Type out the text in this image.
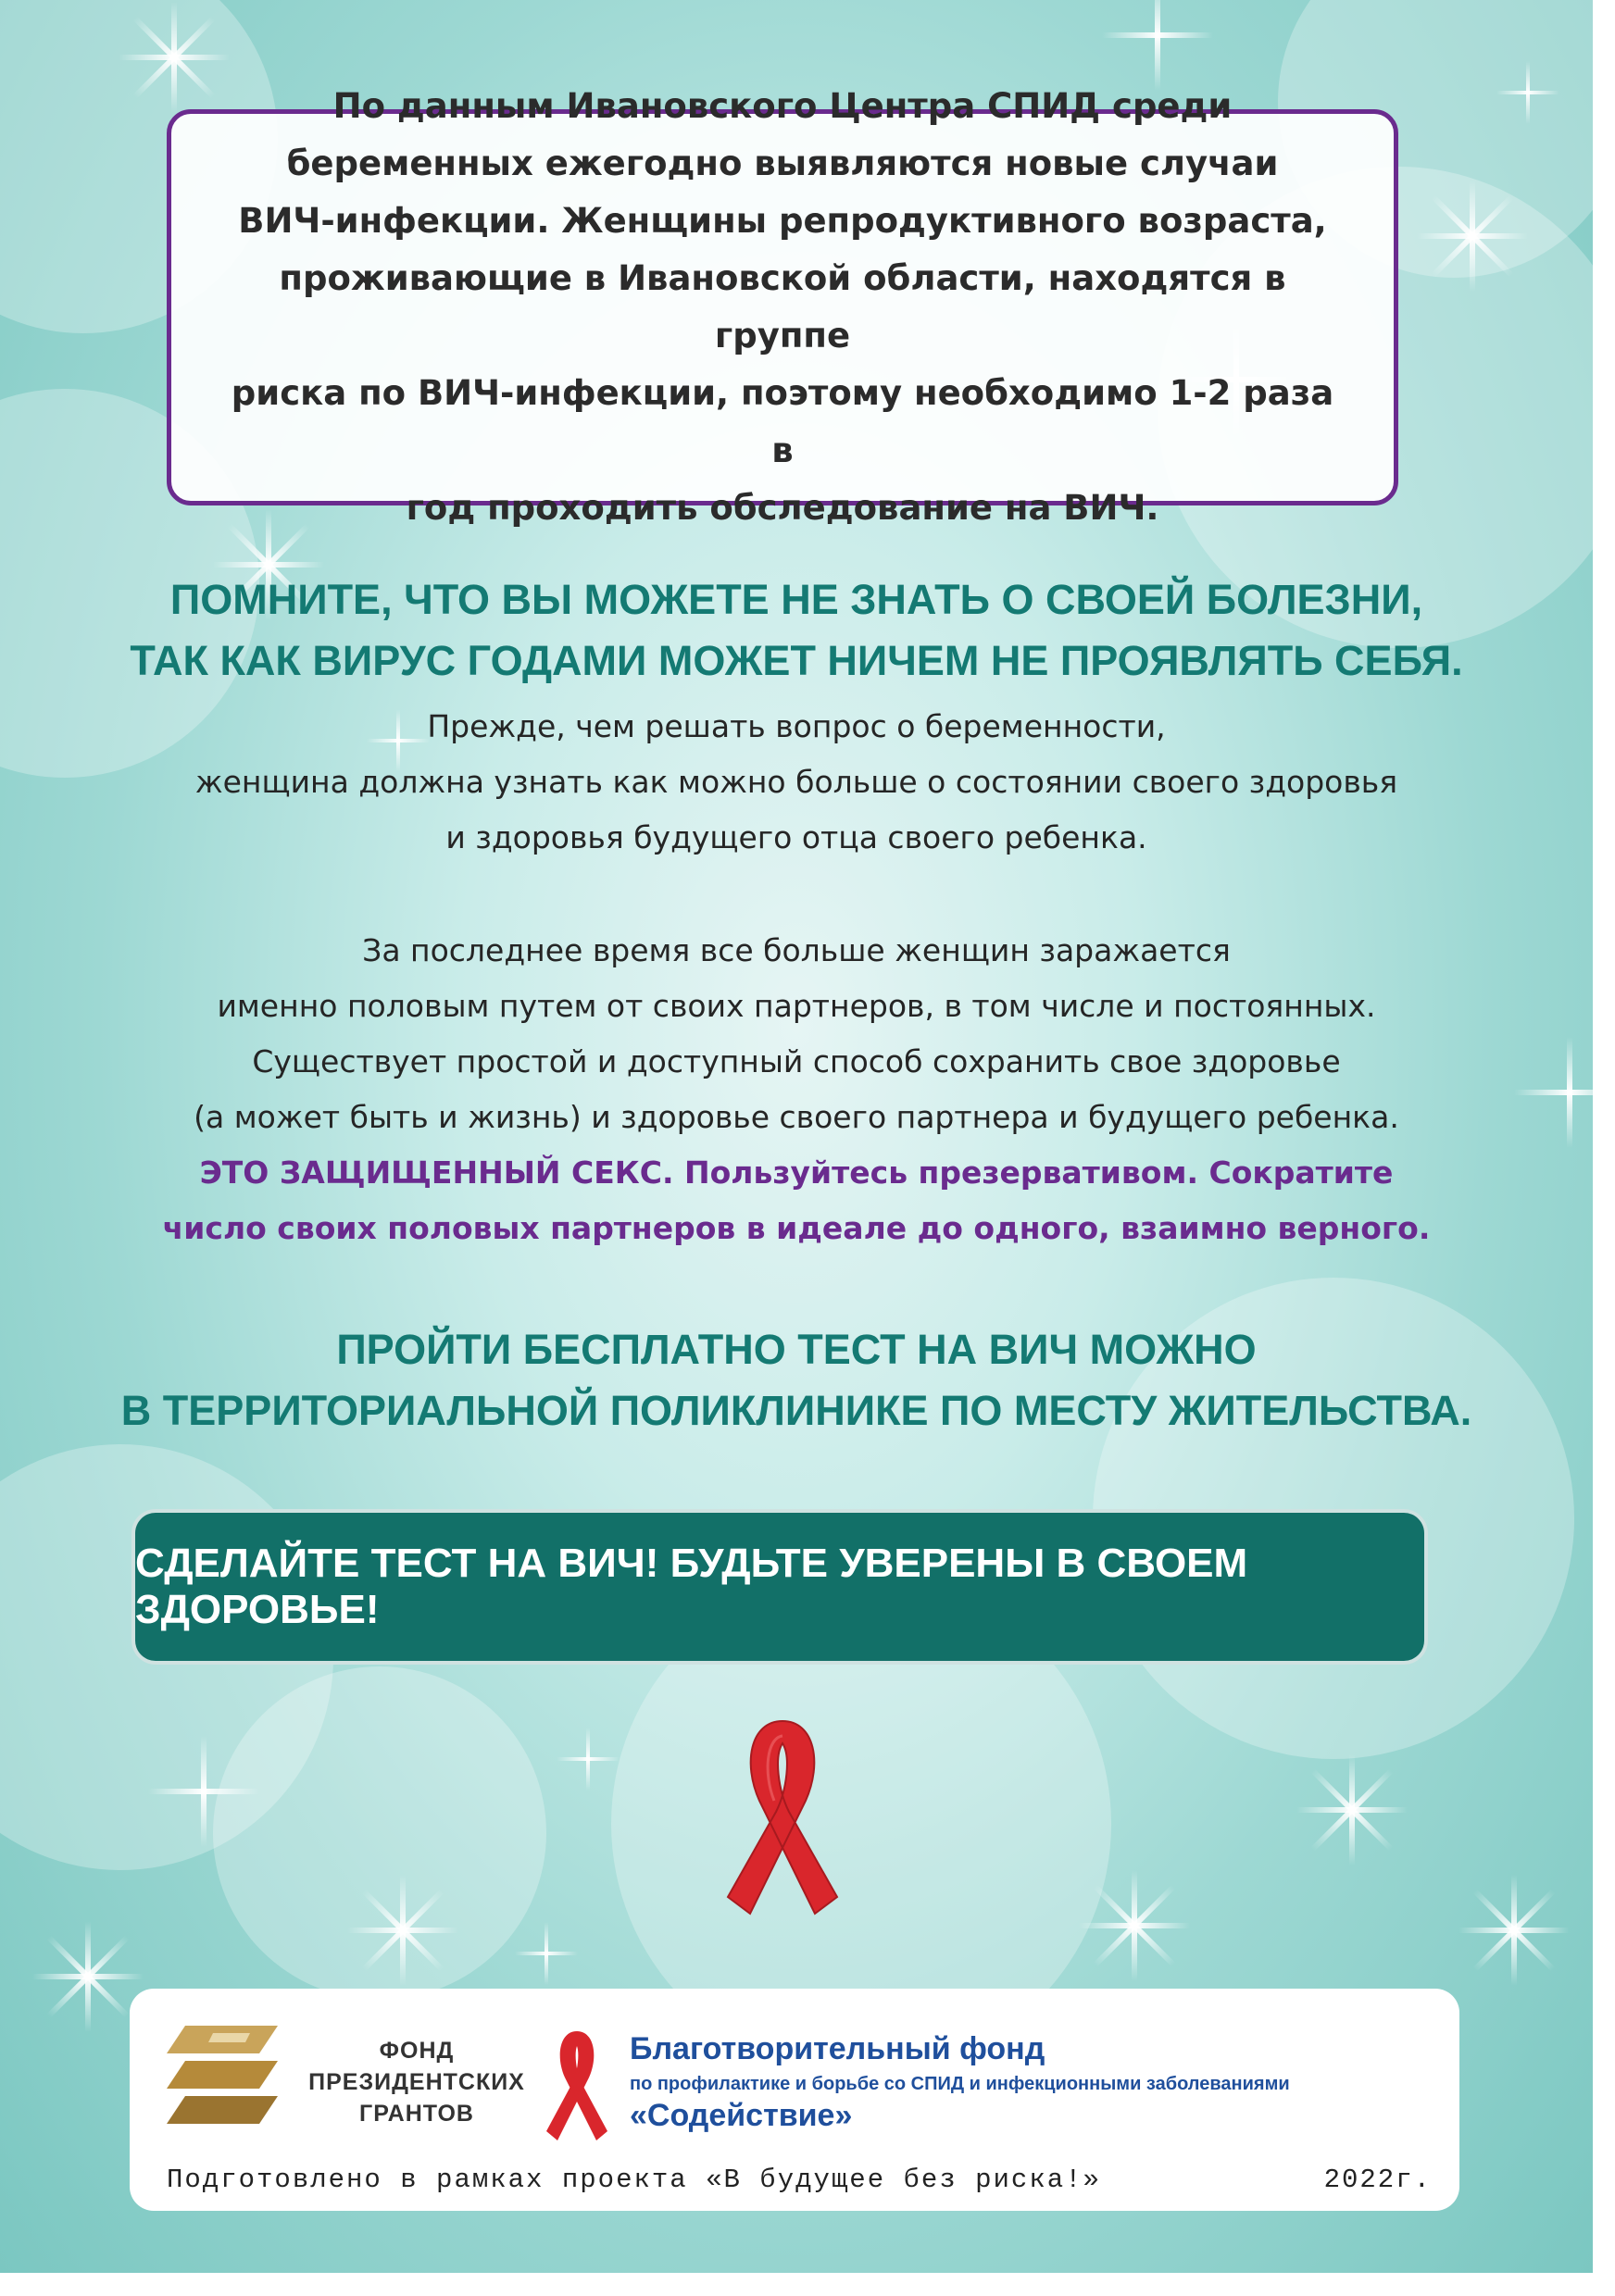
По данным Ивановского Центра СПИД среди
беременных ежегодно выявляются новые случаи
ВИЧ-инфекции. Женщины репродуктивного возраста,
проживающие в Ивановской области, находятся в группе
риска по ВИЧ-инфекции, поэтому необходимо 1-2 раза в
год проходить обследование на ВИЧ.

ПОМНИТЕ, ЧТО ВЫ МОЖЕТЕ НЕ ЗНАТЬ О СВОЕЙ БОЛЕЗНИ,
ТАК КАК ВИРУС ГОДАМИ МОЖЕТ НИЧЕМ НЕ ПРОЯВЛЯТЬ СЕБЯ.

Прежде, чем решать вопрос о беременности,
женщина должна узнать как можно больше о состоянии своего здоровья
и здоровья будущего отца своего ребенка.

За последнее время все больше женщин заражается
именно половым путем от своих партнеров, в том числе и постоянных.
Существует простой и доступный способ сохранить свое здоровье
(а может быть и жизнь) и здоровье своего партнера и будущего ребенка.

ЭТО ЗАЩИЩЕННЫЙ СЕКС. Пользуйтесь презервативом. Сократите
число своих половых партнеров в идеале до одного, взаимно верного.

ПРОЙТИ БЕСПЛАТНО ТЕСТ НА ВИЧ МОЖНО
В ТЕРРИТОРИАЛЬНОЙ ПОЛИКЛИНИКЕ ПО МЕСТУ ЖИТЕЛЬСТВА.

СДЕЛАЙТЕ ТЕСТ НА ВИЧ! БУДЬТЕ УВЕРЕНЫ В СВОЕМ ЗДОРОВЬЕ!
ФОНД
ПРЕЗИДЕНТСКИХ
ГРАНТОВ
Благотворительный фонд
по профилактике и борьбе со СПИД и инфекционными заболеваниями
«Содействие»
Подготовлено в рамках проекта «В будущее без риска!»	2022г.
